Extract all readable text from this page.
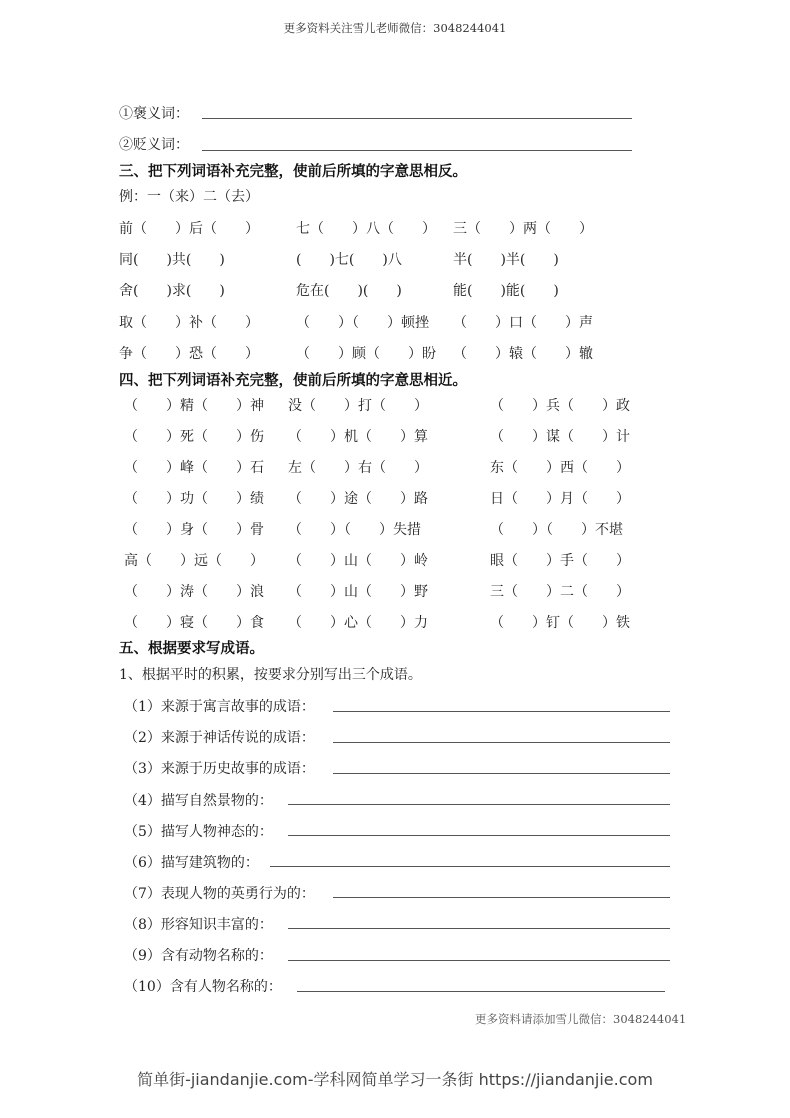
更多资料关注雪儿老师微信：3048244041
①褒义词：
②贬义词：
三、把下列词语补充完整，使前后所填的字意思相反。
例：一（来）二（去）
前（　　）后（　　）	七（　　）八（　　） 三（　　）两（　　）
同(　　)共(　　)	(　　)七(　　)八	半(　　)半(　　)
舍(　　)求(　　)	危在(　　)(　　)	能(　　)能(　　)
取（　　）补（　　）	（　　）（　　）顿挫 （　　）口（　　）声
争（　　）恐（　　）	（　　）顾（　　）盼 （　　）辕（　　）辙
四、把下列词语补充完整，使前后所填的字意思相近。
（　　）精（　　）神 没（　　）打（　　）	（　　）兵（　　）政
（　　）死（　　）伤 （　　）机（　　）算	（　　）谋（　　）计
（　　）峰（　　）石 左（　　）右（　　）	东（　　）西（　　）
（　　）功（　　）绩 （　　）途（　　）路	日（　　）月（　　）
（　　）身（　　）骨 （　　）（　　）失措	（　　）（　　）不堪
高（　　）远（　　） （　　）山（　　）岭	眼（　　）手（　　）
（　　）涛（　　）浪 （　　）山（　　）野	三（　　）二（　　）
（　　）寝（　　）食 （　　）心（　　）力	（　　）钉（　　）铁
五、根据要求写成语。
1、根据平时的积累，按要求分别写出三个成语。
（1）来源于寓言故事的成语：
（2）来源于神话传说的成语：
（3）来源于历史故事的成语：
（4）描写自然景物的：
（5）描写人物神态的：
（6）描写建筑物的：
（7）表现人物的英勇行为的：
（8）形容知识丰富的：
（9）含有动物名称的：
（10）含有人物名称的：
更多资料请添加雪儿微信：3048244041
简单街-jiandanjie.com-学科网简单学习一条街 https://jiandanjie.com
